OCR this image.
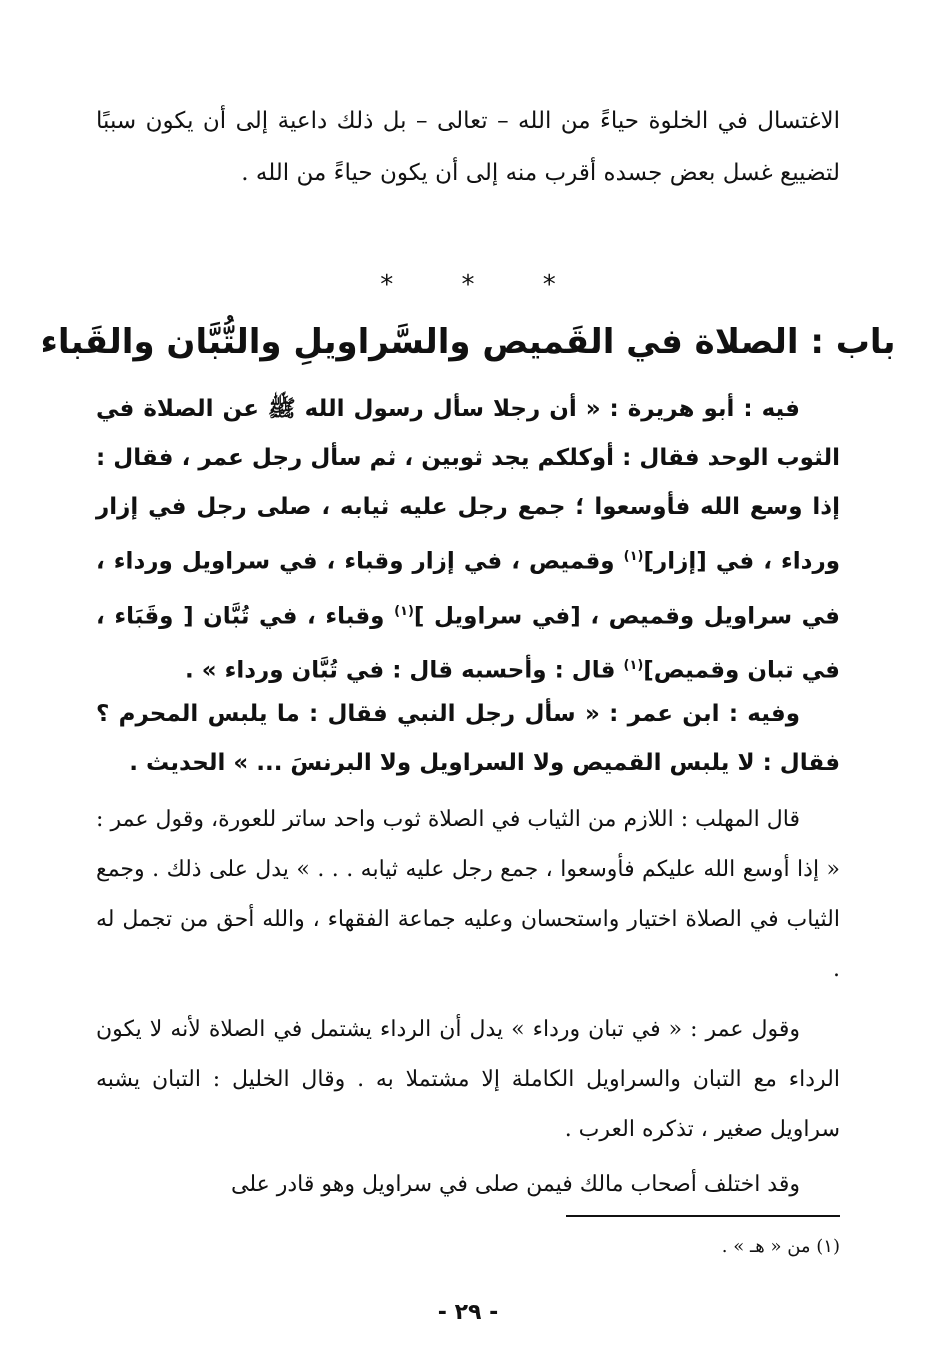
الاغتسال في الخلوة حياءً من الله – تعالى – بل ذلك داعية إلى أن يكون سببًا لتضييع غسل بعض جسده أقرب منه إلى أن يكون حياءً من الله .
*	*	*
باب : الصلاة في القَميص والسَّراويلِ والتُّبَّان والقَباء
فيه : أبو هريرة : « أن رجلا سأل رسول الله ﷺ عن الصلاة في الثوب الوحد فقال : أوكلكم يجد ثوبين ، ثم سأل رجل عمر ، فقال : إذا وسع الله فأوسعوا ؛ جمع رجل عليه ثيابه ، صلى رجل في إزار ورداء ، في [إزار]$^{(١)}$ وقميص ، في إزار وقباء ، في سراويل ورداء ، في سراويل وقميص ، [في سراويل ]$^{(١)}$ وقباء ، في تُبَّان [ وقَبَاء ، في تبان وقميص]$^{(١)}$ قال : وأحسبه قال : في تُبَّان ورداء » .
وفيه : ابن عمر : « سأل رجل النبي فقال : ما يلبس المحرم ؟ فقال : لا يلبس القميص ولا السراويل ولا البرنسَ ... » الحديث .
قال المهلب : اللازم من الثياب في الصلاة ثوب واحد ساتر للعورة، وقول عمر : « إذا أوسع الله عليكم فأوسعوا ، جمع رجل عليه ثيابه . . . » يدل على ذلك . وجمع الثياب في الصلاة اختيار واستحسان وعليه جماعة الفقهاء ، والله أحق من تجمل له .
وقول عمر : « في تبان ورداء » يدل أن الرداء يشتمل في الصلاة لأنه لا يكون الرداء مع التبان والسراويل الكاملة إلا مشتملا به . وقال الخليل : التبان يشبه سراويل صغير ، تذكره العرب .
وقد اختلف أصحاب مالك فيمن صلى في سراويل وهو قادر على
(١) من « هـ » .
- ٢٩ -
